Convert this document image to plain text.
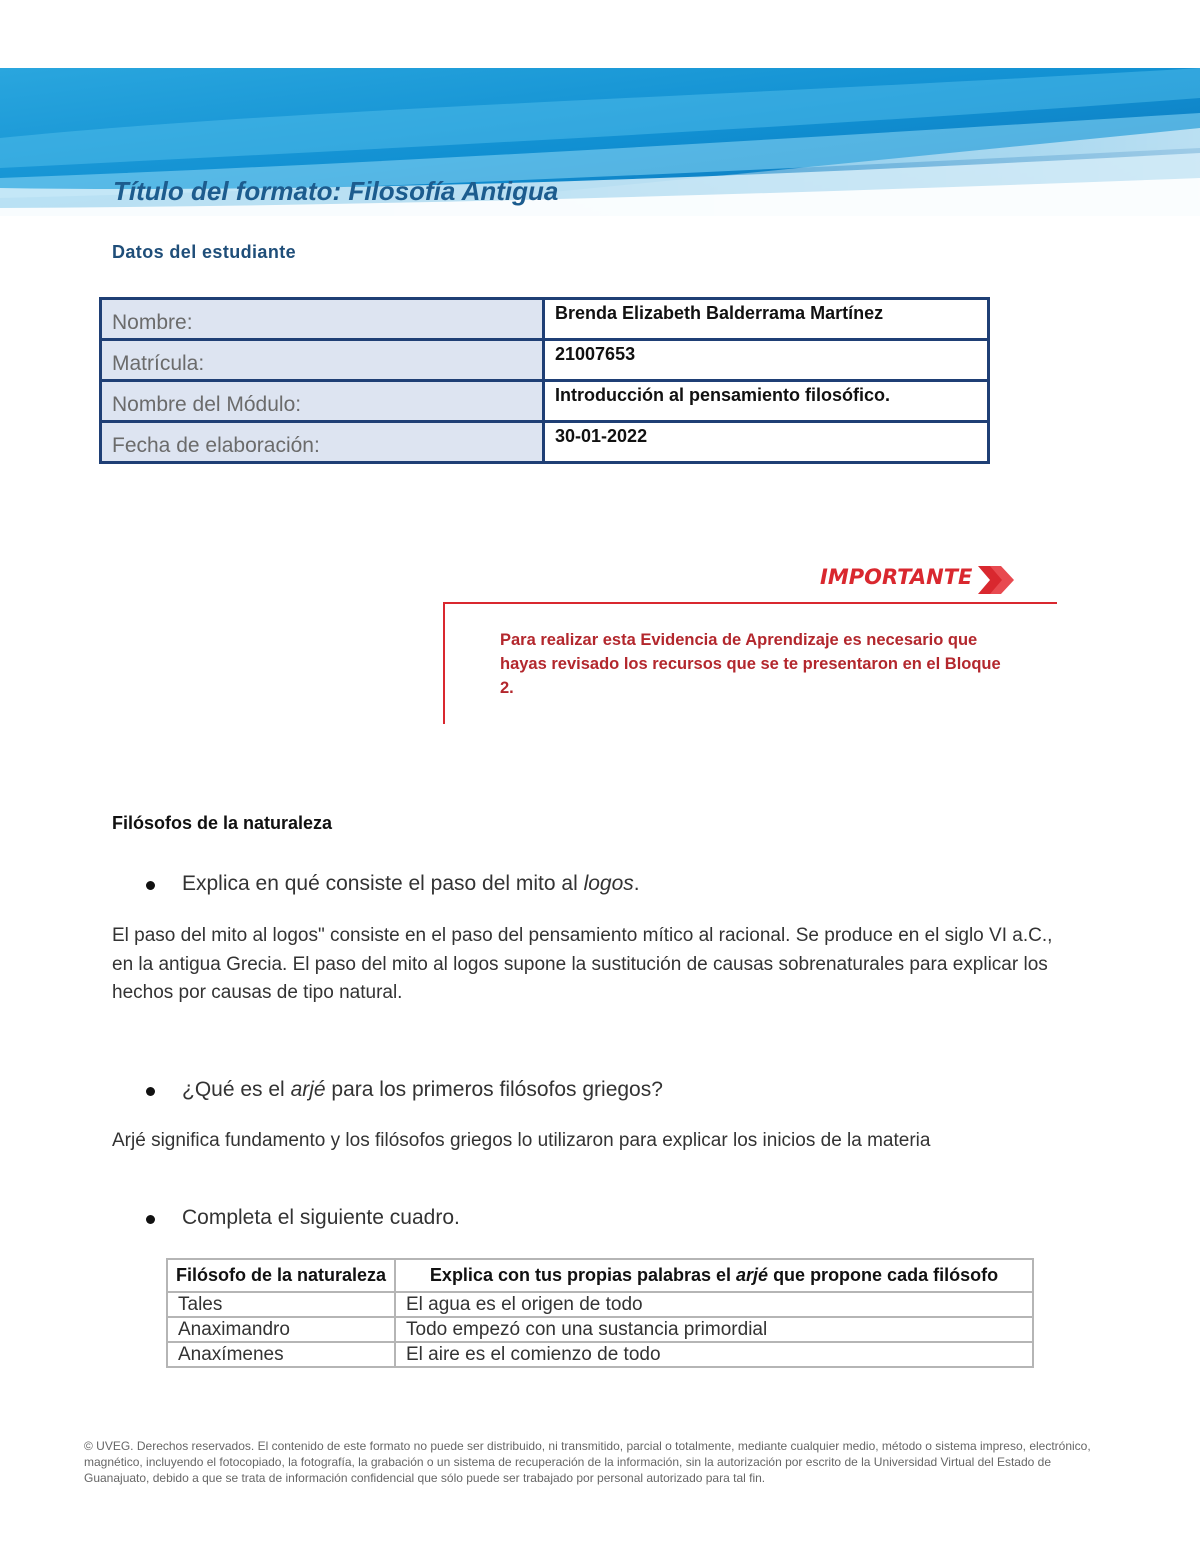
Título del formato: Filosofía Antigua
Datos del estudiante
Nombre:	Brenda Elizabeth Balderrama Martínez
Matrícula:	21007653
Nombre del Módulo:	Introducción al pensamiento filosófico.
Fecha de elaboración:	30-01-2022

IMPORTANTE

Para realizar esta Evidencia de Aprendizaje es necesario que hayas revisado los recursos que se te presentaron en el Bloque 2.

Filósofos de la naturaleza

Explica en qué consiste el paso del mito al logos.

El paso del mito al logos" consiste en el paso del pensamiento mítico al racional. Se produce en el siglo VI a.C., en la antigua Grecia. El paso del mito al logos supone la sustitución de causas sobrenaturales para explicar los hechos por causas de tipo natural.

¿Qué es el arjé para los primeros filósofos griegos?

Arjé significa fundamento y los filósofos griegos lo utilizaron para explicar los inicios de la materia

Completa el siguiente cuadro.

Filósofo de la naturaleza	Explica con tus propias palabras el arjé que propone cada filósofo
Tales	El agua es el origen de todo
Anaximandro	Todo empezó con una sustancia primordial
Anaxímenes	El aire es el comienzo de todo

© UVEG. Derechos reservados. El contenido de este formato no puede ser distribuido, ni transmitido, parcial o totalmente, mediante cualquier medio, método o sistema impreso, electrónico, magnético, incluyendo el fotocopiado, la fotografía, la grabación o un sistema de recuperación de la información, sin la autorización por escrito de la Universidad Virtual del Estado de Guanajuato, debido a que se trata de información confidencial que sólo puede ser trabajado por personal autorizado para tal fin.
